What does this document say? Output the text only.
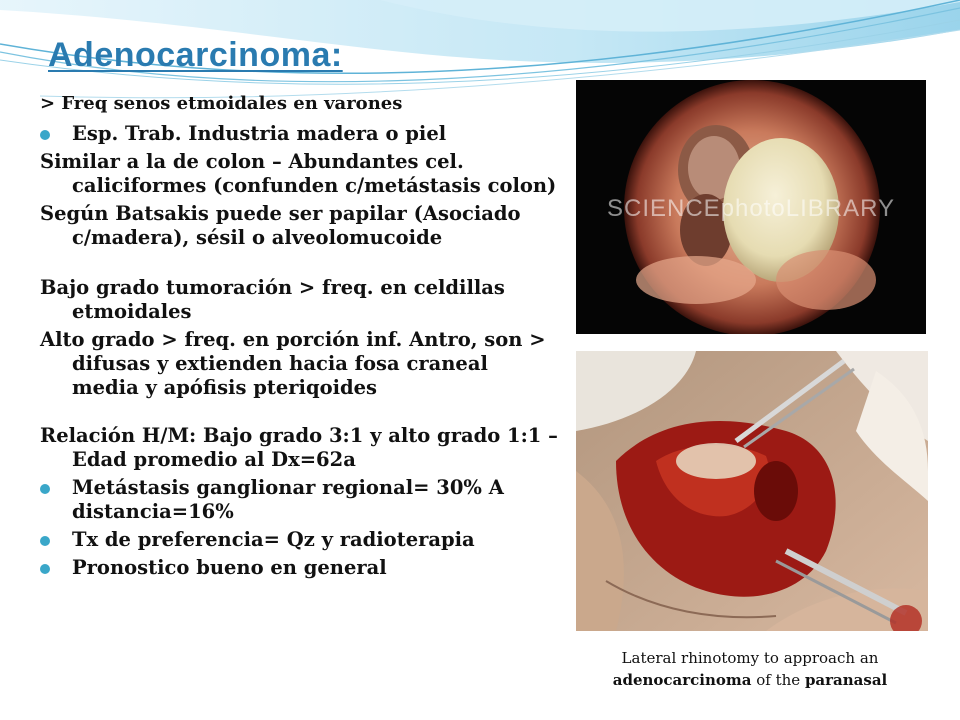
Adenocarcinoma:

> Freq senos etmoidales en varones

Esp. Trab. Industria madera o piel

Similar a la de colon – Abundantes cel. caliciformes (confunden c/metástasis colon)

Según Batsakis puede ser papilar (Asociado c/madera), sésil o alveolomucoide

Bajo grado tumoración > freq. en celdillas etmoidales

Alto grado > freq. en porción inf. Antro, son > difusas y extienden hacia fosa craneal media y apófisis pteriqoides

Relación H/M: Bajo grado 3:1 y alto grado 1:1 – Edad promedio al Dx=62a

Metástasis ganglionar regional= 30% A distancia=16%

Tx de preferencia= Qz y radioterapia

Pronostico bueno en general

SCIENCEphotoLIBRARY
Lateral rhinotomy to approach an
adenocarcinoma of the paranasal
